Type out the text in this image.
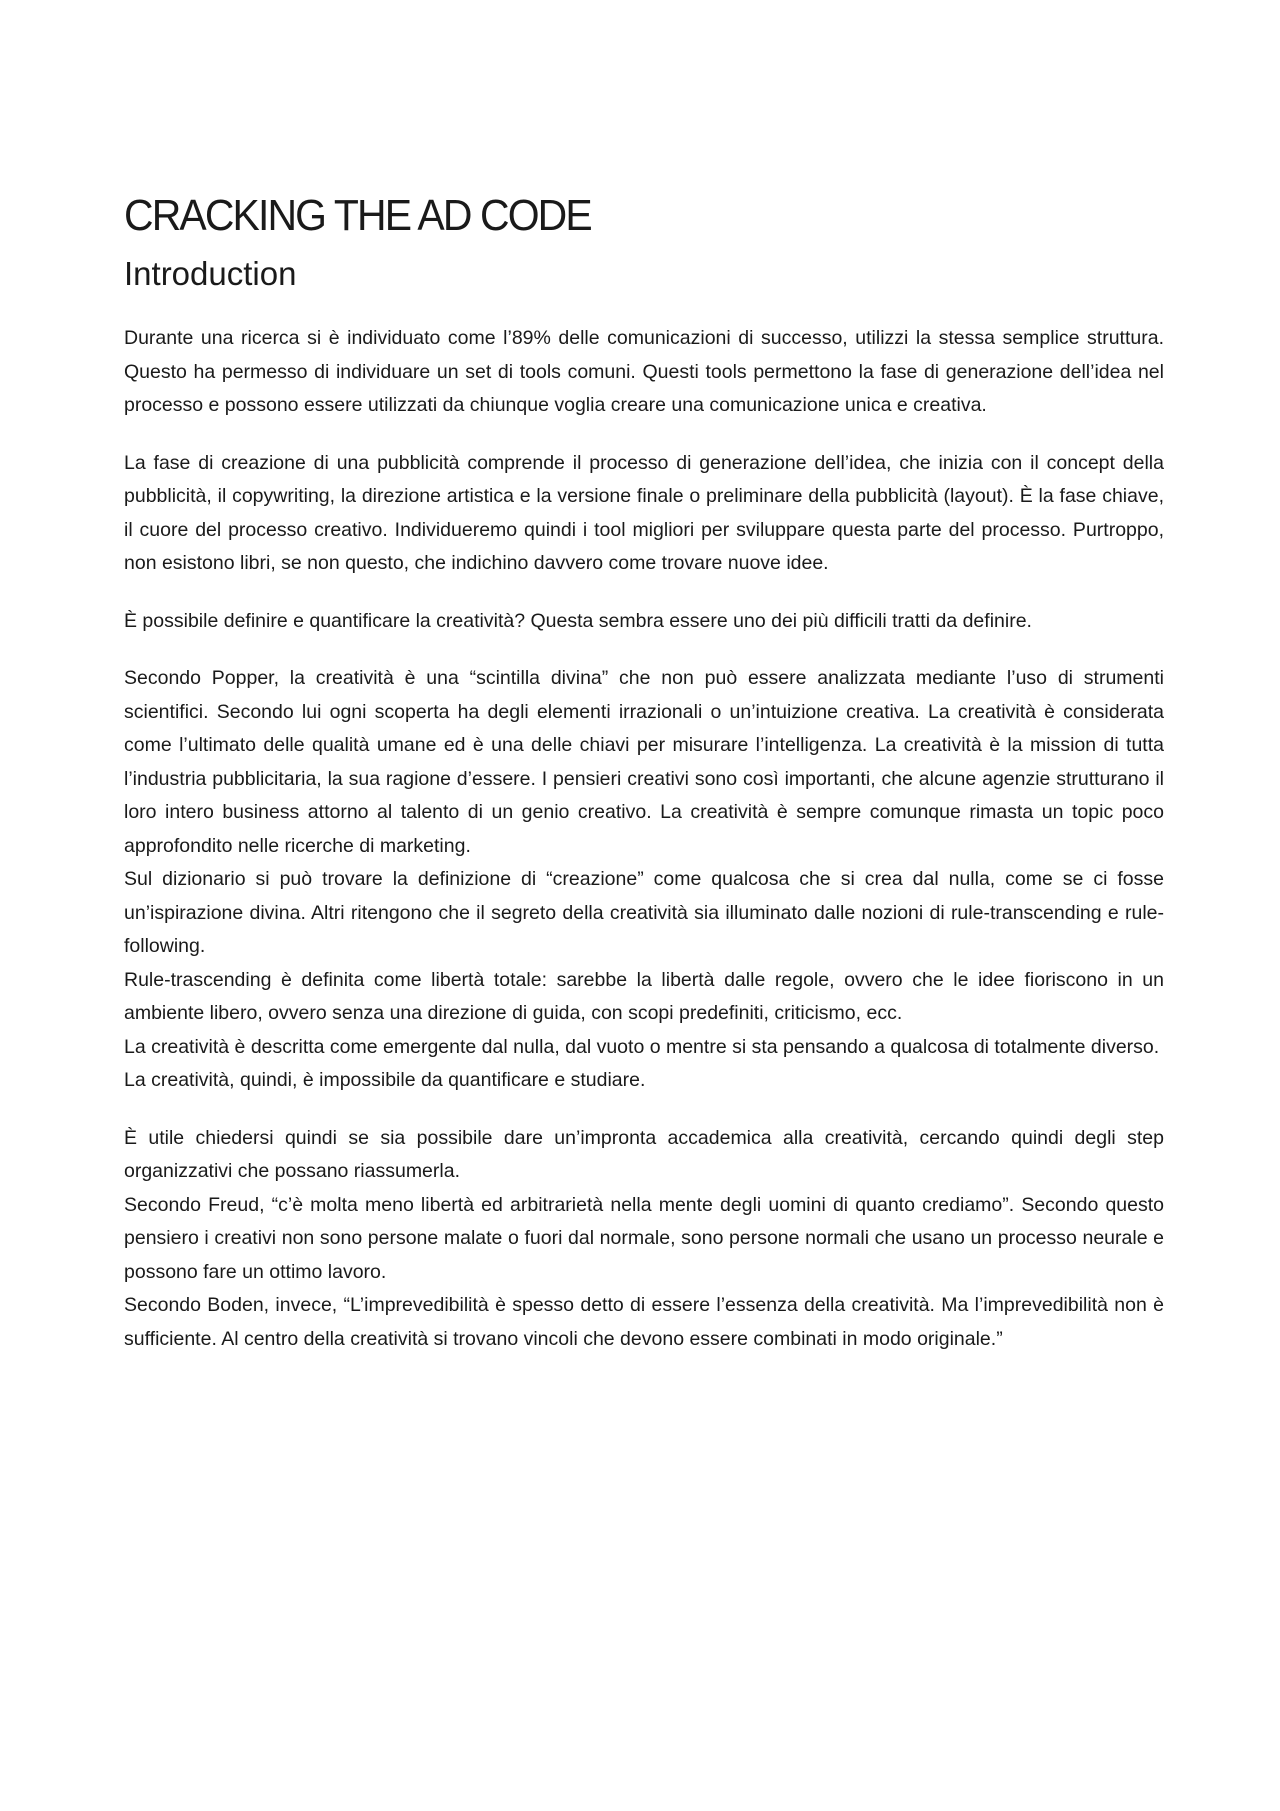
CRACKING THE AD CODE
Introduction

Durante una ricerca si è individuato come l’89% delle comunicazioni di successo, utilizzi la stessa semplice struttura. Questo ha permesso di individuare un set di tools comuni. Questi tools permettono la fase di generazione dell’idea nel processo e possono essere utilizzati da chiunque voglia creare una comunicazione unica e creativa.

La fase di creazione di una pubblicità comprende il processo di generazione dell’idea, che inizia con il concept della pubblicità, il copywriting, la direzione artistica e la versione finale o preliminare della pubblicità (layout). È la fase chiave, il cuore del processo creativo. Individueremo quindi i tool migliori per sviluppare questa parte del processo. Purtroppo, non esistono libri, se non questo, che indichino davvero come trovare nuove idee.

È possibile definire e quantificare la creatività? Questa sembra essere uno dei più difficili tratti da definire.

Secondo Popper, la creatività è una “scintilla divina” che non può essere analizzata mediante l’uso di strumenti scientifici. Secondo lui ogni scoperta ha degli elementi irrazionali o un’intuizione creativa. La creatività è considerata come l’ultimato delle qualità umane ed è una delle chiavi per misurare l’intelligenza. La creatività è la mission di tutta l’industria pubblicitaria, la sua ragione d’essere. I pensieri creativi sono così importanti, che alcune agenzie strutturano il loro intero business attorno al talento di un genio creativo. La creatività è sempre comunque rimasta un topic poco approfondito nelle ricerche di marketing.

Sul dizionario si può trovare la definizione di “creazione” come qualcosa che si crea dal nulla, come se ci fosse un’ispirazione divina. Altri ritengono che il segreto della creatività sia illuminato dalle nozioni di rule-transcending e rule-following.

Rule-trascending è definita come libertà totale: sarebbe la libertà dalle regole, ovvero che le idee fioriscono in un ambiente libero, ovvero senza una direzione di guida, con scopi predefiniti, criticismo, ecc.

La creatività è descritta come emergente dal nulla, dal vuoto o mentre si sta pensando a qualcosa di totalmente diverso.

La creatività, quindi, è impossibile da quantificare e studiare.

È utile chiedersi quindi se sia possibile dare un’impronta accademica alla creatività, cercando quindi degli step organizzativi che possano riassumerla.

Secondo Freud, “c’è molta meno libertà ed arbitrarietà nella mente degli uomini di quanto crediamo”. Secondo questo pensiero i creativi non sono persone malate o fuori dal normale, sono persone normali che usano un processo neurale e possono fare un ottimo lavoro.

Secondo Boden, invece, “L’imprevedibilità è spesso detto di essere l’essenza della creatività. Ma l’imprevedibilità non è sufficiente. Al centro della creatività si trovano vincoli che devono essere combinati in modo originale.”
